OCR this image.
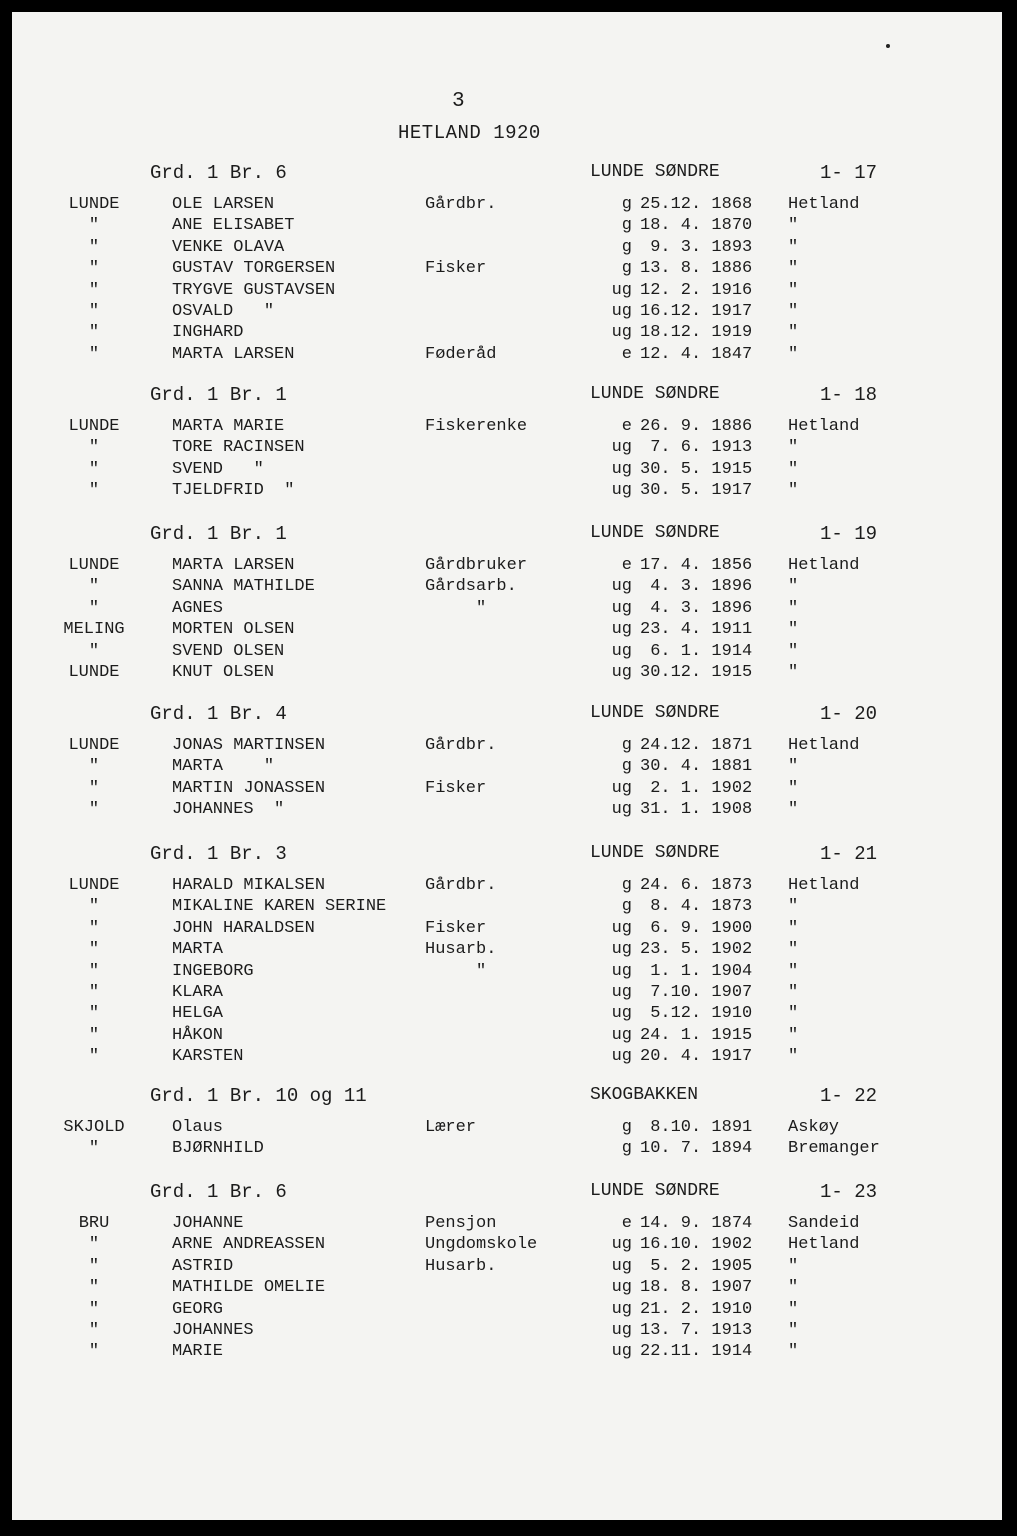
3
HETLAND 1920
Grd. 1 Br. 6	LUNDE SØNDRE	1- 17
LUNDE	OLE LARSEN	Gårdbr.	g 25.12. 1868 Hetland
"	ANE ELISABET	g 18. 4. 1870 "
"	VENKE OLAVA	g 9. 3. 1893 "
"	GUSTAV TORGERSEN	Fisker	g 13. 8. 1886 "
"	TRYGVE GUSTAVSEN	ug 12. 2. 1916 "
"	OSVALD   "	ug 16.12. 1917 "
"	INGHARD	ug 18.12. 1919 "
"	MARTA LARSEN	Føderåd	e 12. 4. 1847 "
Grd. 1 Br. 1	LUNDE SØNDRE	1- 18
LUNDE	MARTA MARIE	Fiskerenke	e 26. 9. 1886 Hetland
"	TORE RACINSEN	ug 7. 6. 1913 "
"	SVEND   "	ug 30. 5. 1915 "
"	TJELDFRID  "	ug 30. 5. 1917 "
Grd. 1 Br. 1	LUNDE SØNDRE	1- 19
LUNDE	MARTA LARSEN	Gårdbruker	e 17. 4. 1856 Hetland
"	SANNA MATHILDE	Gårdsarb.	ug 4. 3. 1896 "
"	AGNES	"	ug 4. 3. 1896 "
MELING	MORTEN OLSEN	ug 23. 4. 1911 "
"	SVEND OLSEN	ug 6. 1. 1914 "
LUNDE	KNUT OLSEN	ug 30.12. 1915 "
Grd. 1 Br. 4	LUNDE SØNDRE	1- 20
LUNDE	JONAS MARTINSEN	Gårdbr.	g 24.12. 1871 Hetland
"	MARTA    "	g 30. 4. 1881 "
"	MARTIN JONASSEN	Fisker	ug 2. 1. 1902 "
"	JOHANNES  "	ug 31. 1. 1908 "
Grd. 1 Br. 3	LUNDE SØNDRE	1- 21
LUNDE	HARALD MIKALSEN	Gårdbr.	g 24. 6. 1873 Hetland
"	MIKALINE KAREN SERINE	g 8. 4. 1873 "
"	JOHN HARALDSEN	Fisker	ug 6. 9. 1900 "
"	MARTA	Husarb.	ug 23. 5. 1902 "
"	INGEBORG	"	ug 1. 1. 1904 "
"	KLARA	ug 7.10. 1907 "
"	HELGA	ug 5.12. 1910 "
"	HÅKON	ug 24. 1. 1915 "
"	KARSTEN	ug 20. 4. 1917 "
Grd. 1 Br. 10 og 11	SKOGBAKKEN	1- 22
SKJOLD	Olaus	Lærer	g 8.10. 1891 Askøy
"	BJØRNHILD	g 10. 7. 1894 Bremanger
Grd. 1 Br. 6	LUNDE SØNDRE	1- 23
BRU	JOHANNE	Pensjon	e 14. 9. 1874 Sandeid
"	ARNE ANDREASSEN	Ungdomskole	ug 16.10. 1902 Hetland
"	ASTRID	Husarb.	ug 5. 2. 1905 "
"	MATHILDE OMELIE	ug 18. 8. 1907 "
"	GEORG	ug 21. 2. 1910 "
"	JOHANNES	ug 13. 7. 1913 "
"	MARIE	ug 22.11. 1914 "
